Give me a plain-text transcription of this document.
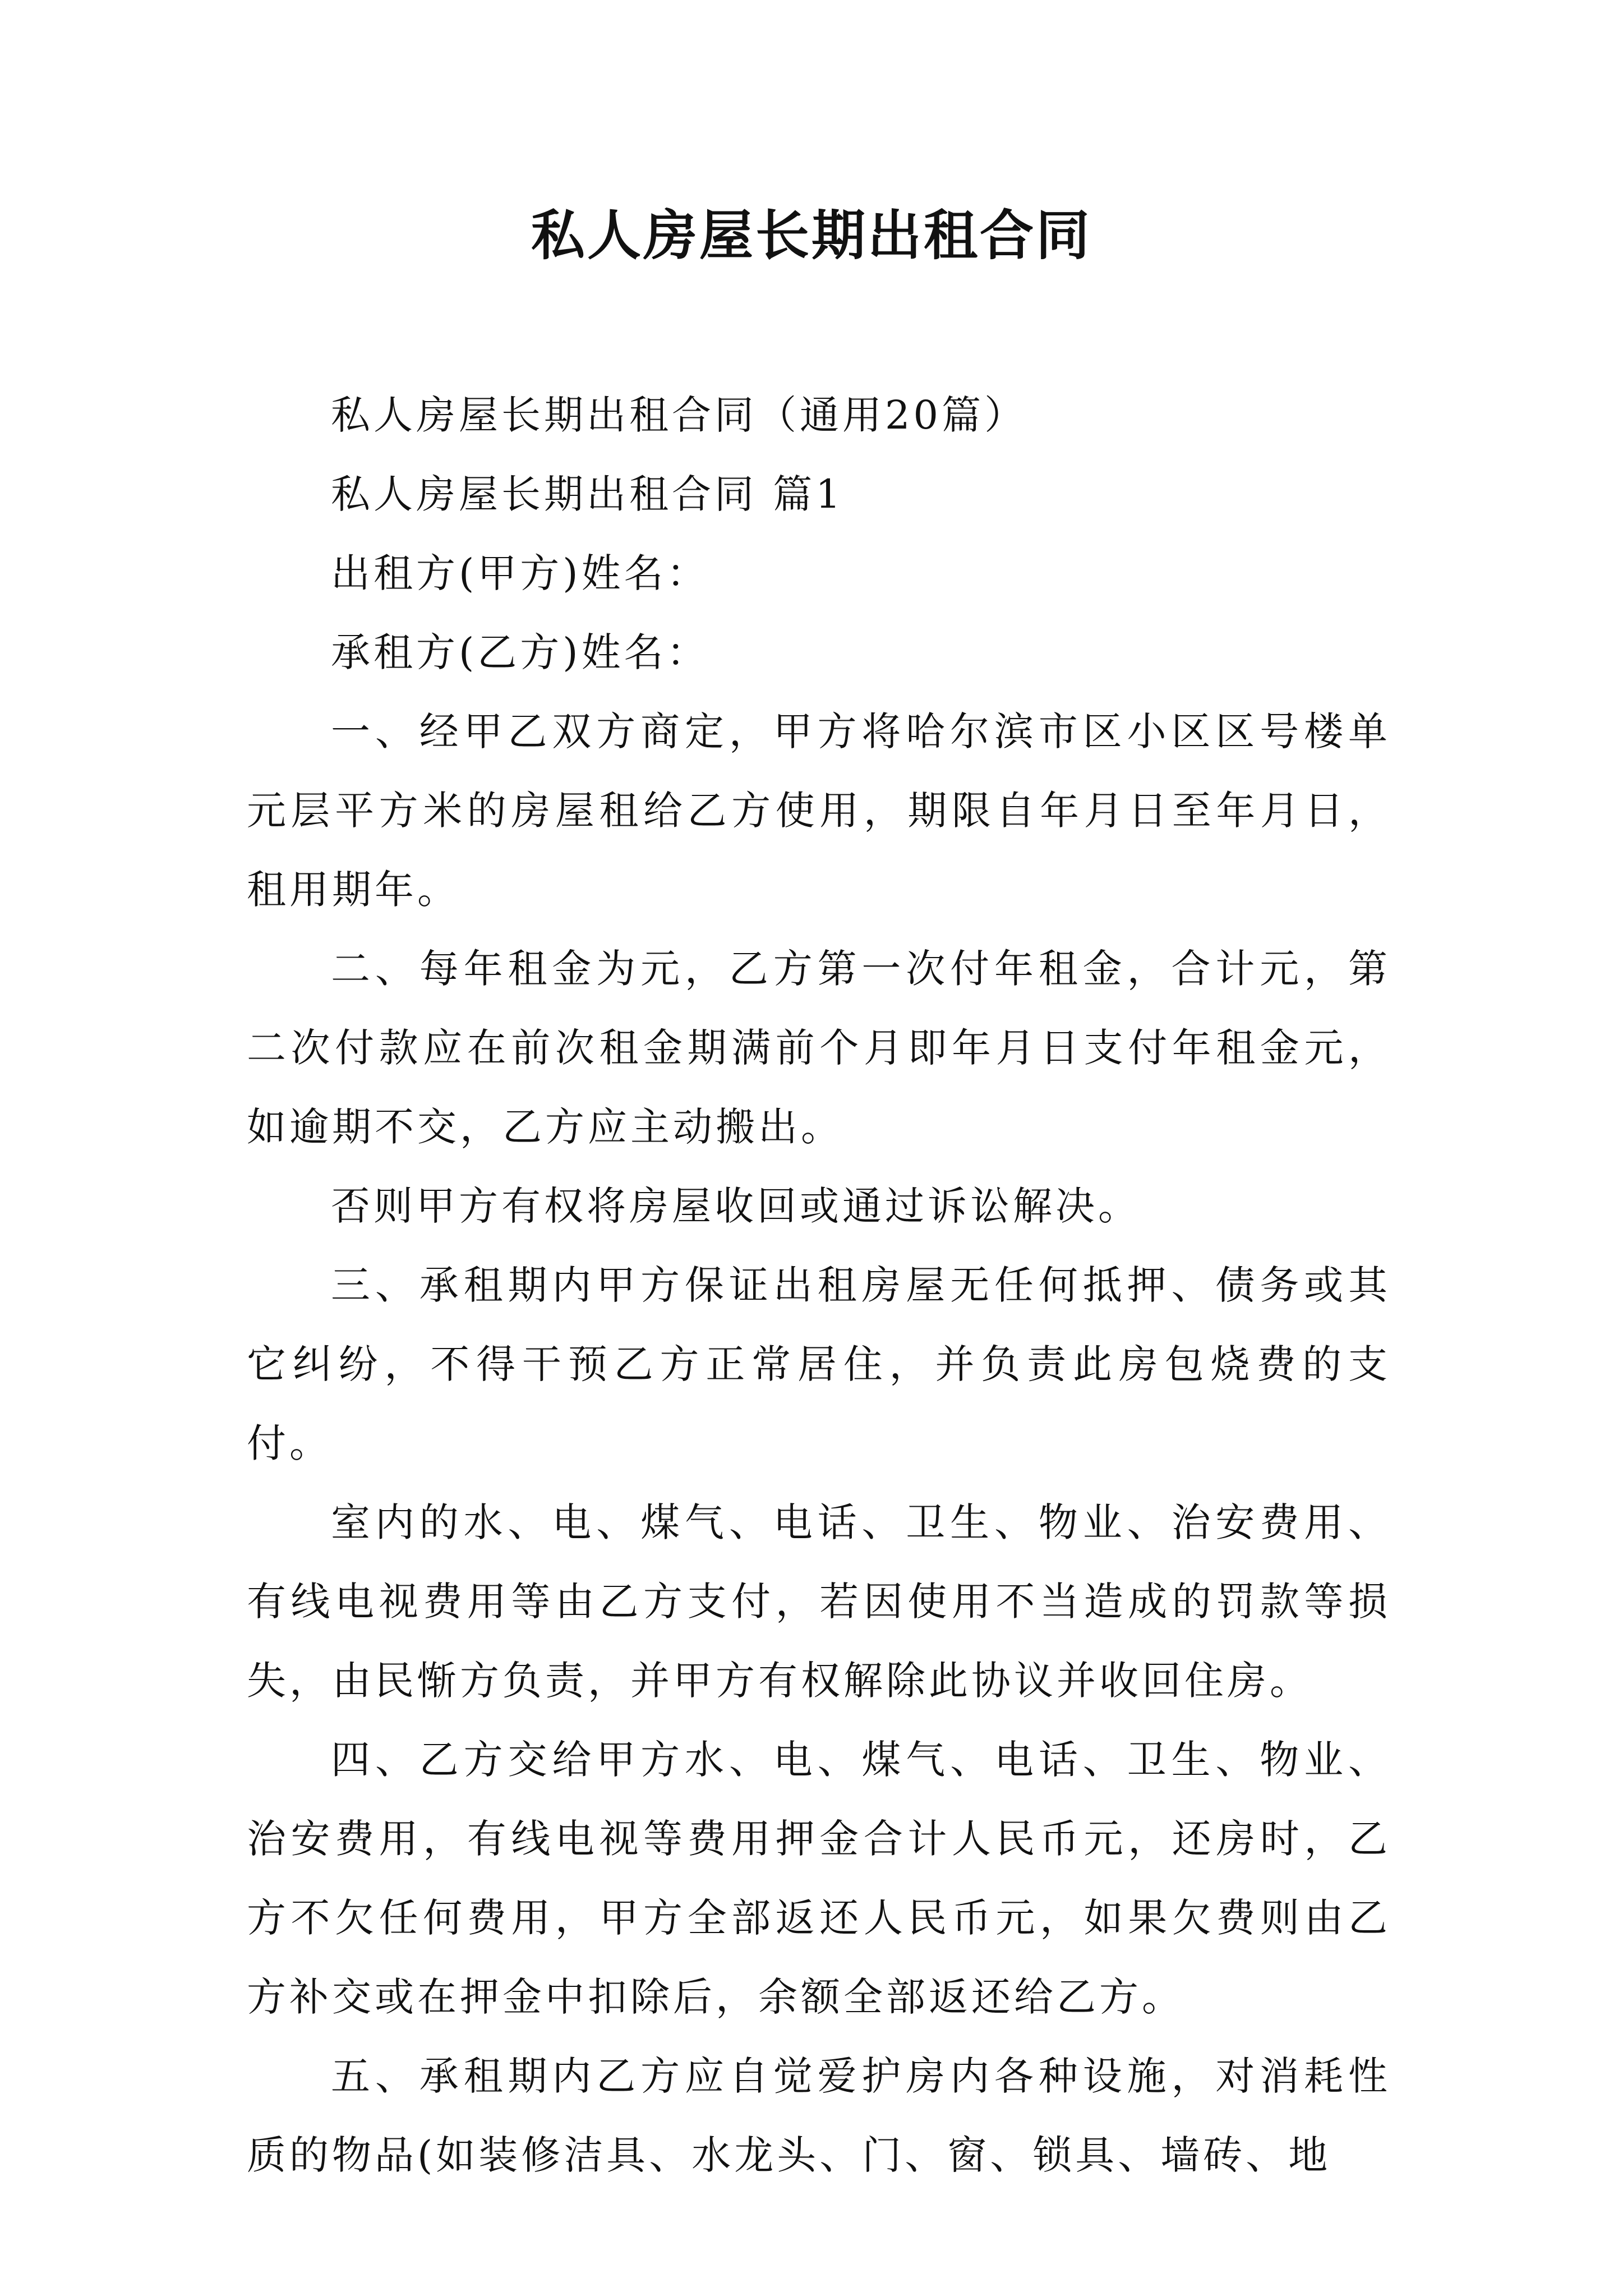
私人房屋长期出租合同

私人房屋长期出租合同（通用20篇）

私人房屋长期出租合同 篇1

出租方(甲方)姓名：

承租方(乙方)姓名：

一、经甲乙双方商定，甲方将哈尔滨市区小区区号楼单元层平方米的房屋租给乙方使用，期限自年月日至年月日，租用期年。

二、每年租金为元，乙方第一次付年租金，合计元，第二次付款应在前次租金期满前个月即年月日支付年租金元，如逾期不交，乙方应主动搬出。

否则甲方有权将房屋收回或通过诉讼解决。

三、承租期内甲方保证出租房屋无任何抵押、债务或其它纠纷，不得干预乙方正常居住，并负责此房包烧费的支付。

室内的水、电、煤气、电话、卫生、物业、治安费用、有线电视费用等由乙方支付，若因使用不当造成的罚款等损失，由民惭方负责，并甲方有权解除此协议并收回住房。

四、乙方交给甲方水、电、煤气、电话、卫生、物业、治安费用，有线电视等费用押金合计人民币元，还房时，乙方不欠任何费用，甲方全部返还人民币元，如果欠费则由乙方补交或在押金中扣除后，余额全部返还给乙方。

五、承租期内乙方应自觉爱护房内各种设施，对消耗性质的物品(如装修洁具、水龙头、门、窗、锁具、墙砖、地
